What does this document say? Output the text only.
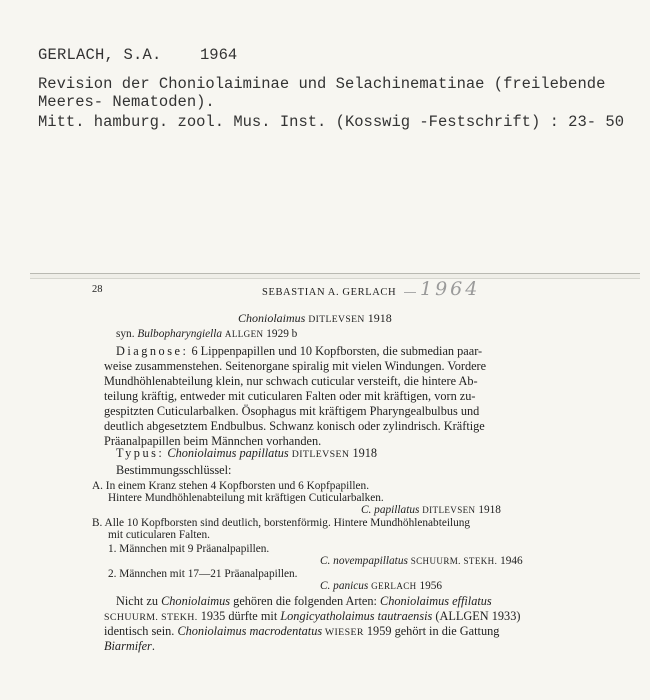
GERLACH, S.A. 1964
Revision der Choniolaiminae und Selachinematinae (freilebende
Meeres- Nematoden).
Mitt. hamburg. zool. Mus. Inst. (Kosswig -Festschrift) : 23- 50
28	SEBASTIAN A. GERLACH 1964
Choniolaimus DITLEVSEN 1918
syn. Bulbopharyngiella ALLGEN 1929 b
Diagnose: 6 Lippenpapillen und 10 Kopfborsten, die submedian paar-
weise zusammenstehen. Seitenorgane spiralig mit vielen Windungen. Vordere
Mundhöhlenabteilung klein, nur schwach cuticular versteift, die hintere Ab-
teilung kräftig, entweder mit cuticularen Falten oder mit kräftigen, vorn zu-
gespitzten Cuticularbalken. Ösophagus mit kräftigem Pharyngealbulbus und
deutlich abgesetztem Endbulbus. Schwanz konisch oder zylindrisch. Kräftige
Präanalpapillen beim Männchen vorhanden.
Typus: Choniolaimus papillatus DITLEVSEN 1918
Bestimmungsschlüssel:
A. In einem Kranz stehen 4 Kopfborsten und 6 Kopfpapillen.
Hintere Mundhöhlenabteilung mit kräftigen Cuticularbalken.
C. papillatus DITLEVSEN 1918
B. Alle 10 Kopfborsten sind deutlich, borstenförmig. Hintere Mundhöhlenabteilung
mit cuticularen Falten.
1. Männchen mit 9 Präanalpapillen.
C. novempapillatus SCHUURM. STEKH. 1946
2. Männchen mit 17—21 Präanalpapillen.
C. panicus GERLACH 1956
Nicht zu Choniolaimus gehören die folgenden Arten: Choniolaimus effilatus
SCHUURM. STEKH. 1935 dürfte mit Longicyatholaimus tautraensis (ALLGEN 1933)
identisch sein. Choniolaimus macrodentatus WIESER 1959 gehört in die Gattung
Biarmifer.
